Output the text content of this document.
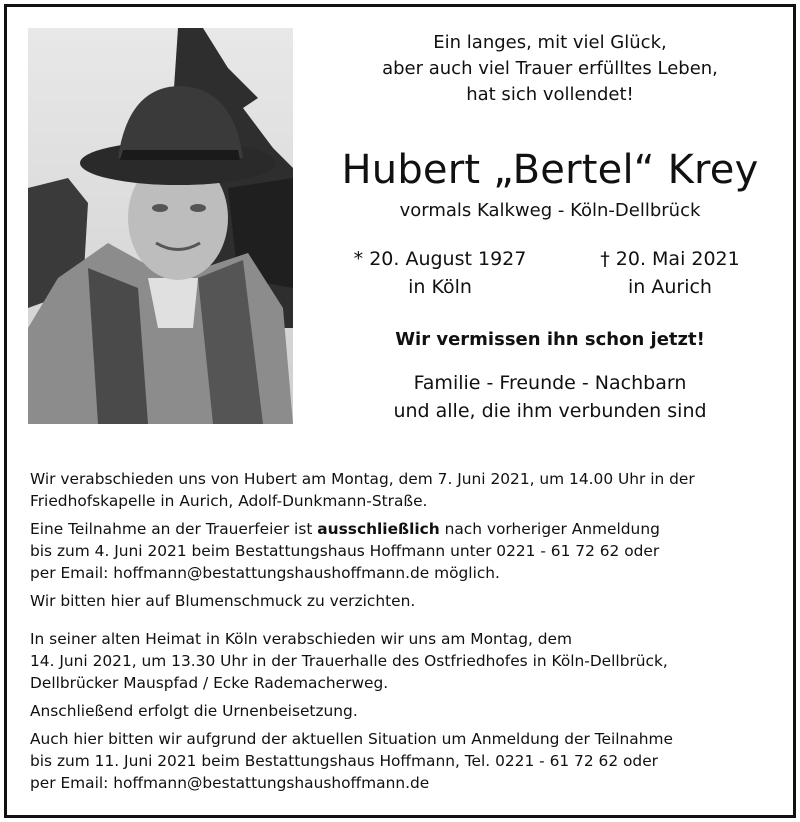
Ein langes, mit viel Glück,
aber auch viel Trauer erfülltes Leben,
hat sich vollendet!
Hubert „Bertel“ Krey
vormals Kalkweg - Köln-Dellbrück
* 20. August 1927
in Köln
† 20. Mai 2021
in Aurich
Wir vermissen ihn schon jetzt!
Familie - Freunde - Nachbarn
und alle, die ihm verbunden sind

Wir verabschieden uns von Hubert am Montag, dem 7. Juni 2021, um 14.00 Uhr in der
Friedhofskapelle in Aurich, Adolf-Dunkmann-Straße.

Eine Teilnahme an der Trauerfeier ist ausschließlich nach vorheriger Anmeldung
bis zum 4. Juni 2021 beim Bestattungshaus Hoffmann unter 0221 - 61 72 62 oder
per Email: hoffmann@bestattungshaushoffmann.de möglich.

Wir bitten hier auf Blumenschmuck zu verzichten.

In seiner alten Heimat in Köln verabschieden wir uns am Montag, dem
14. Juni 2021, um 13.30 Uhr in der Trauerhalle des Ostfriedhofes in Köln-Dellbrück,
Dellbrücker Mauspfad / Ecke Rademacherweg.

Anschließend erfolgt die Urnenbeisetzung.

Auch hier bitten wir aufgrund der aktuellen Situation um Anmeldung der Teilnahme
bis zum 11. Juni 2021 beim Bestattungshaus Hoffmann, Tel. 0221 - 61 72 62 oder
per Email: hoffmann@bestattungshaushoffmann.de
